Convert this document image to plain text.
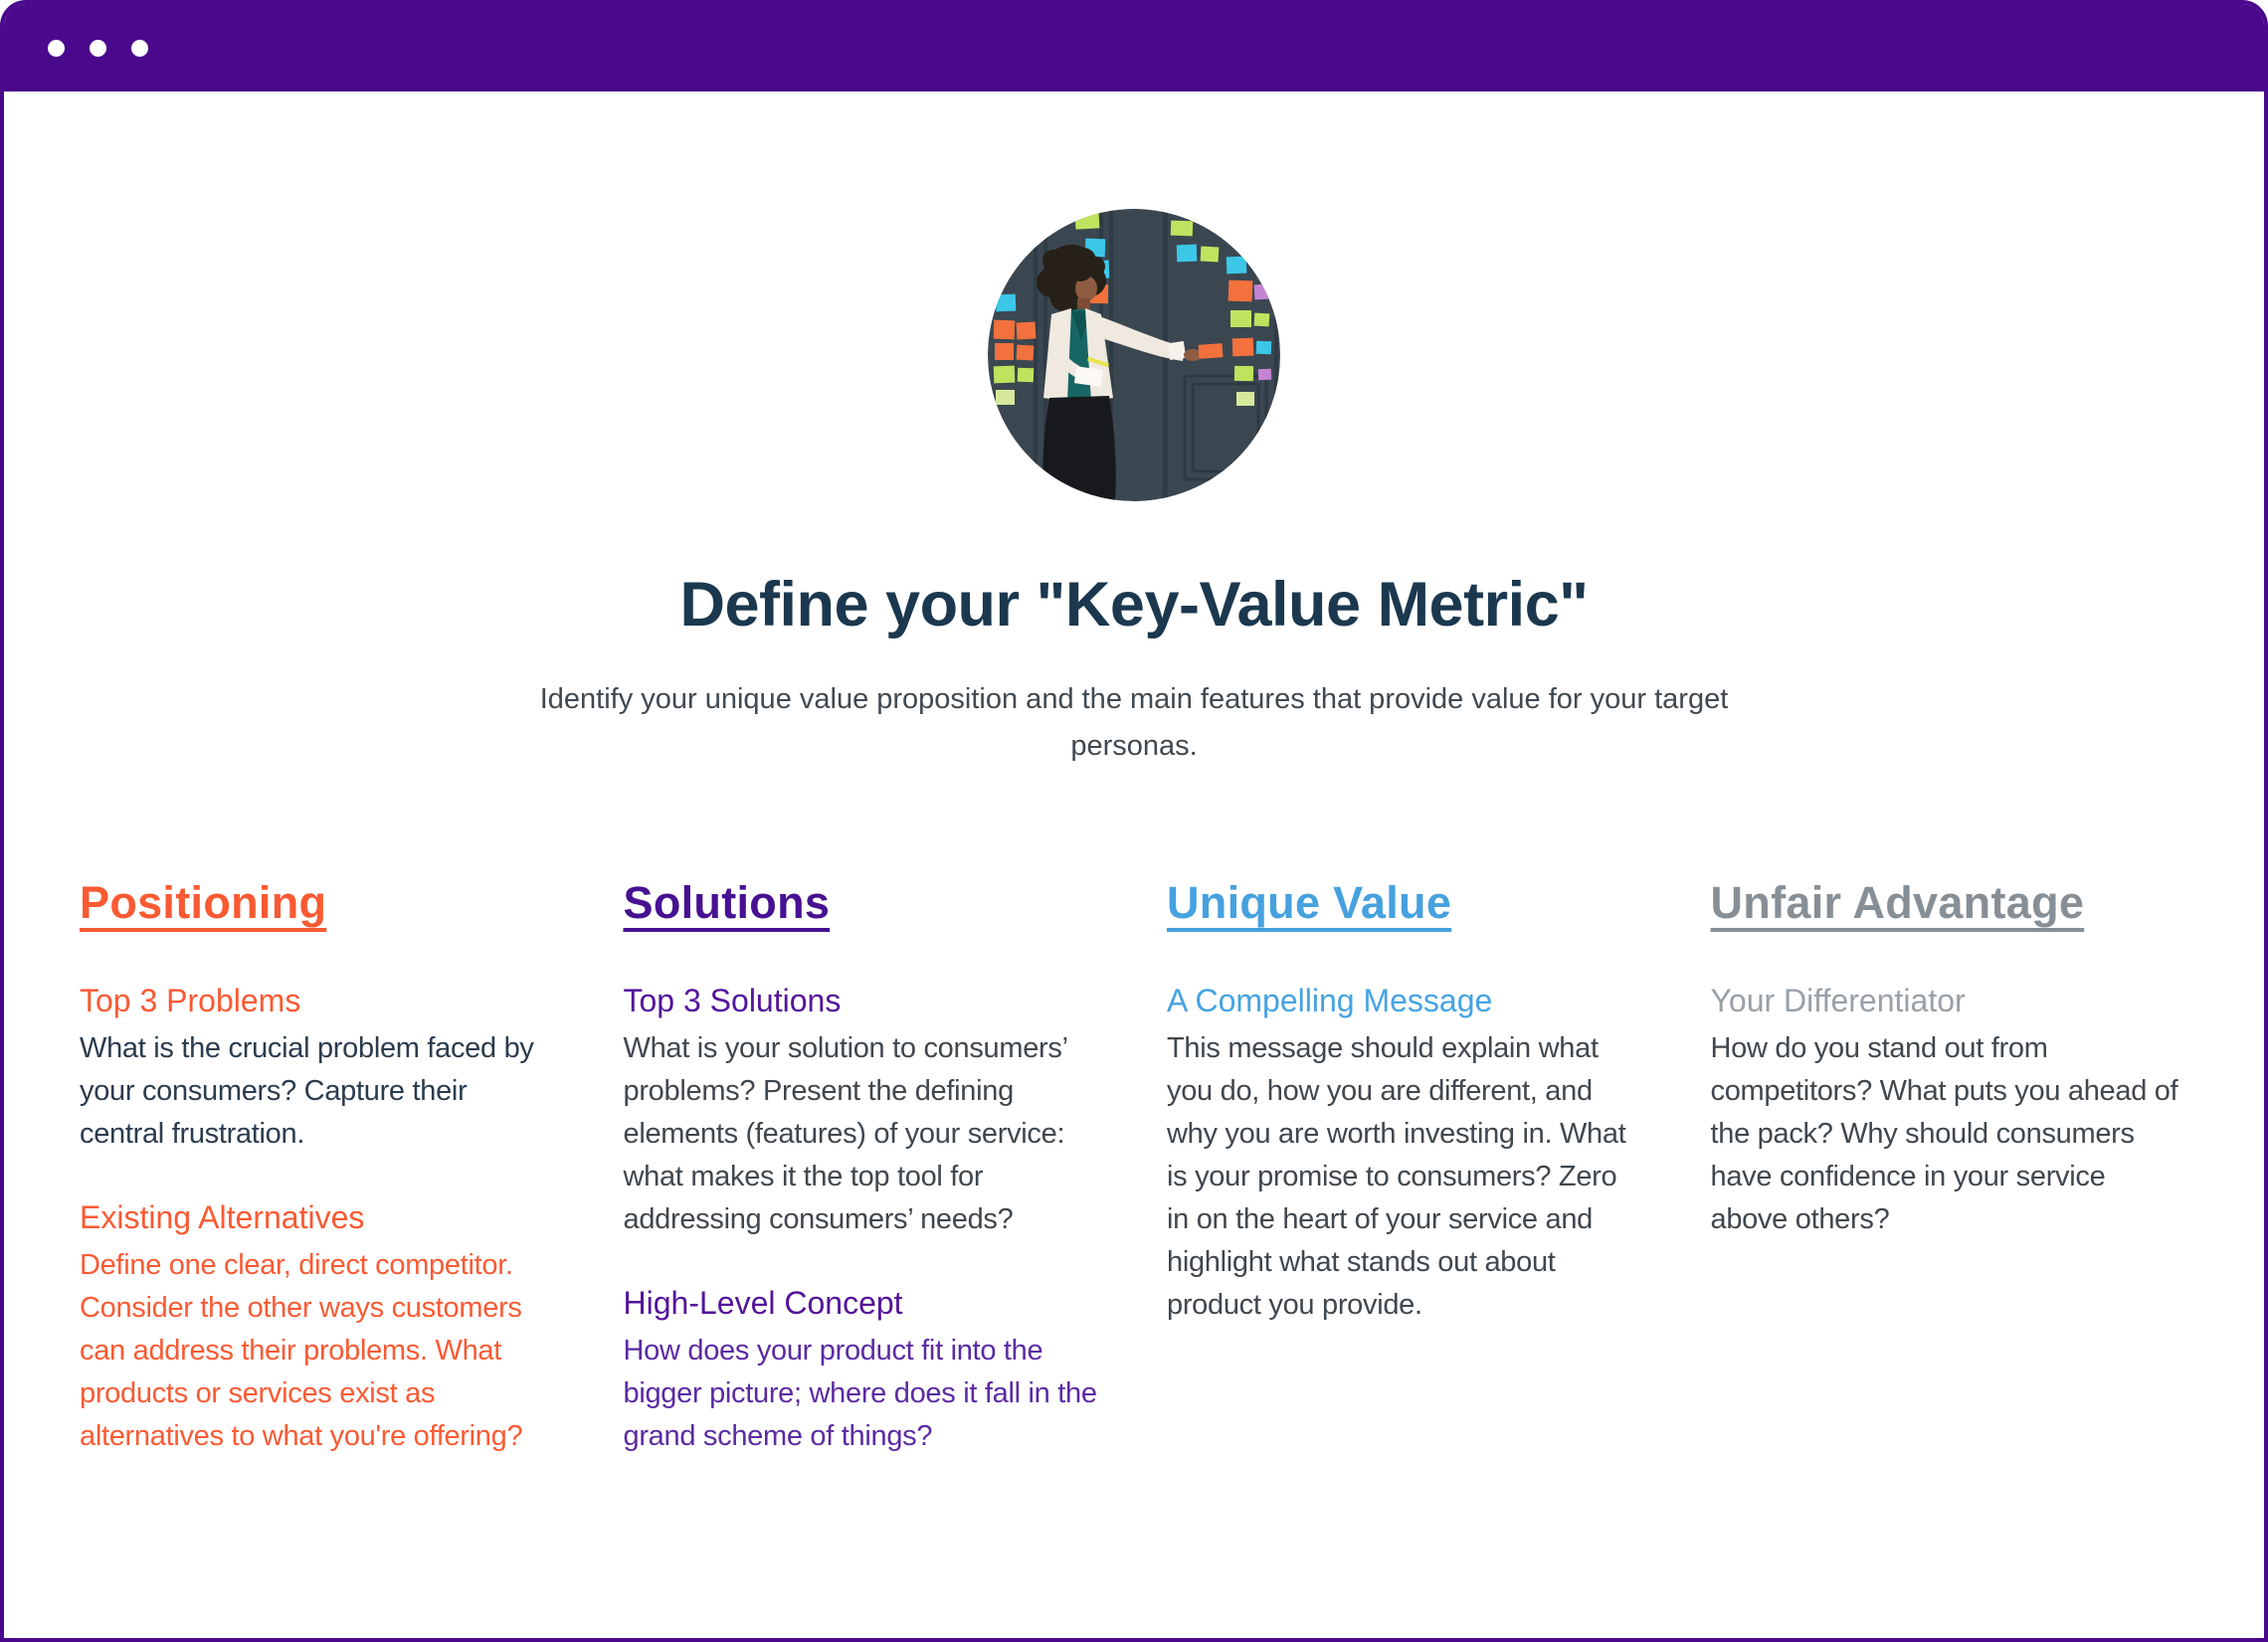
Define your "Key-Value Metric"

Identify your unique value proposition and the main features that provide value for your target personas.

Positioning
Top 3 Problems

What is the crucial problem faced by your consumers? Capture their central frustration.

Existing Alternatives

Define one clear, direct competitor. Consider the other ways customers can address their problems. What products or services exist as alternatives to what you're offering?

Solutions
Top 3 Solutions

What is your solution to consumers’ problems? Present the defining elements (features) of your service: what makes it the top tool for addressing consumers’ needs?

High-Level Concept

How does your product fit into the bigger picture; where does it fall in the grand scheme of things?

Unique Value
A Compelling Message

This message should explain what you do, how you are different, and why you are worth investing in. What is your promise to consumers? Zero in on the heart of your service and highlight what stands out about product you provide.

Unfair Advantage
Your Differentiator

How do you stand out from competitors? What puts you ahead of the pack? Why should consumers have confidence in your service above others?
